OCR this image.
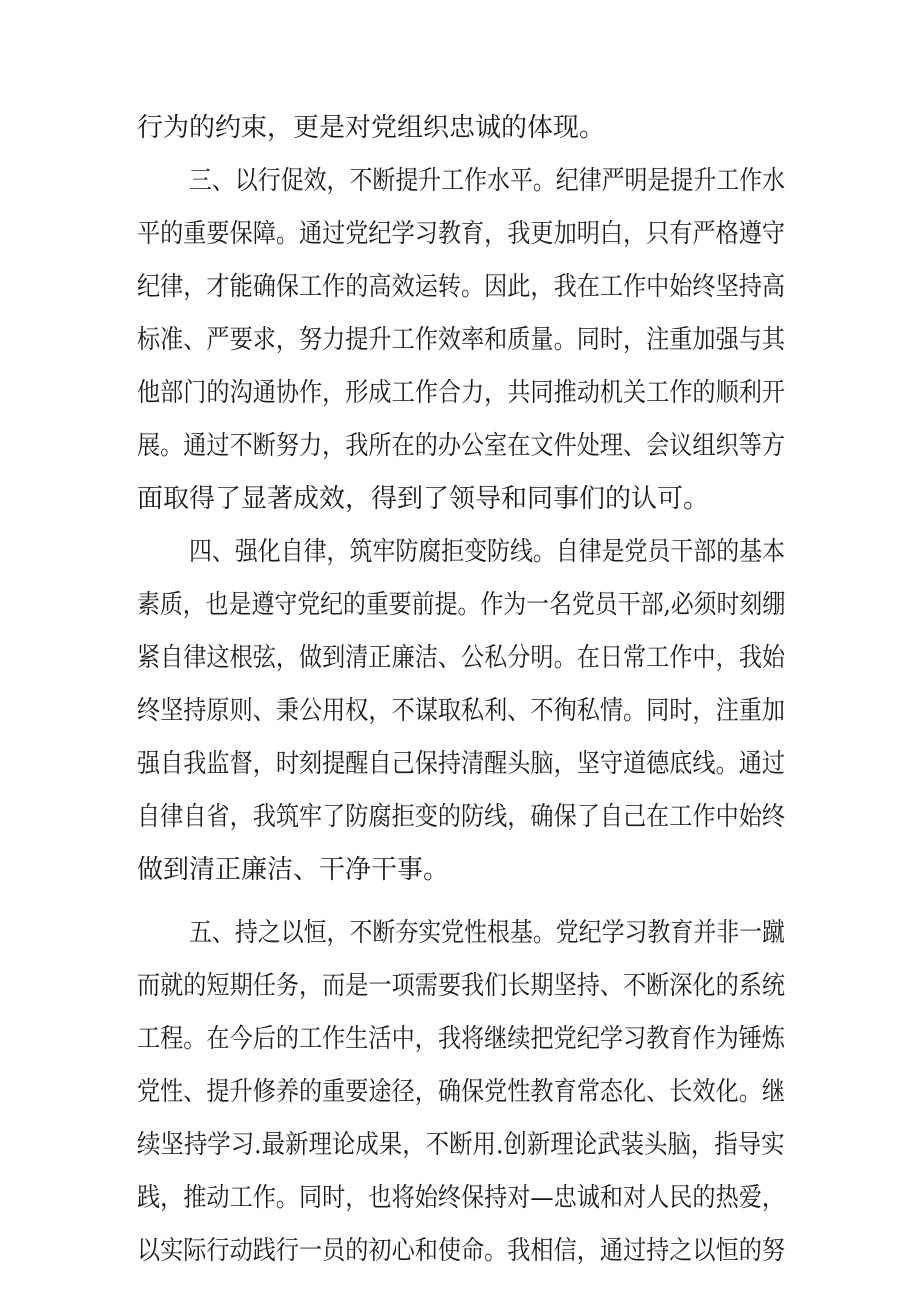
行为的约束，更是对党组织忠诚的体现。
三、以行促效，不断提升工作水平。纪律严明是提升工作水
平的重要保障。通过党纪学习教育，我更加明白，只有严格遵守
纪律，才能确保工作的高效运转。因此，我在工作中始终坚持高
标准、严要求，努力提升工作效率和质量。同时，注重加强与其
他部门的沟通协作，形成工作合力，共同推动机关工作的顺利开
展。通过不断努力，我所在的办公室在文件处理、会议组织等方
面取得了显著成效，得到了领导和同事们的认可。
四、强化自律，筑牢防腐拒变防线。自律是党员干部的基本
素质，也是遵守党纪的重要前提。作为一名党员干部,必须时刻绷
紧自律这根弦，做到清正廉洁、公私分明。在日常工作中，我始
终坚持原则、秉公用权，不谋取私利、不徇私情。同时，注重加
强自我监督，时刻提醒自己保持清醒头脑，坚守道德底线。通过
自律自省，我筑牢了防腐拒变的防线，确保了自己在工作中始终
做到清正廉洁、干净干事。
五、持之以恒，不断夯实党性根基。党纪学习教育并非一蹴
而就的短期任务，而是一项需要我们长期坚持、不断深化的系统
工程。在今后的工作生活中，我将继续把党纪学习教育作为锤炼
党性、提升修养的重要途径，确保党性教育常态化、长效化。继
续坚持学习.最新理论成果，不断用.创新理论武装头脑，指导实
践，推动工作。同时，也将始终保持对—忠诚和对人民的热爱，
以实际行动践行一员的初心和使命。我相信，通过持之以恒的努
